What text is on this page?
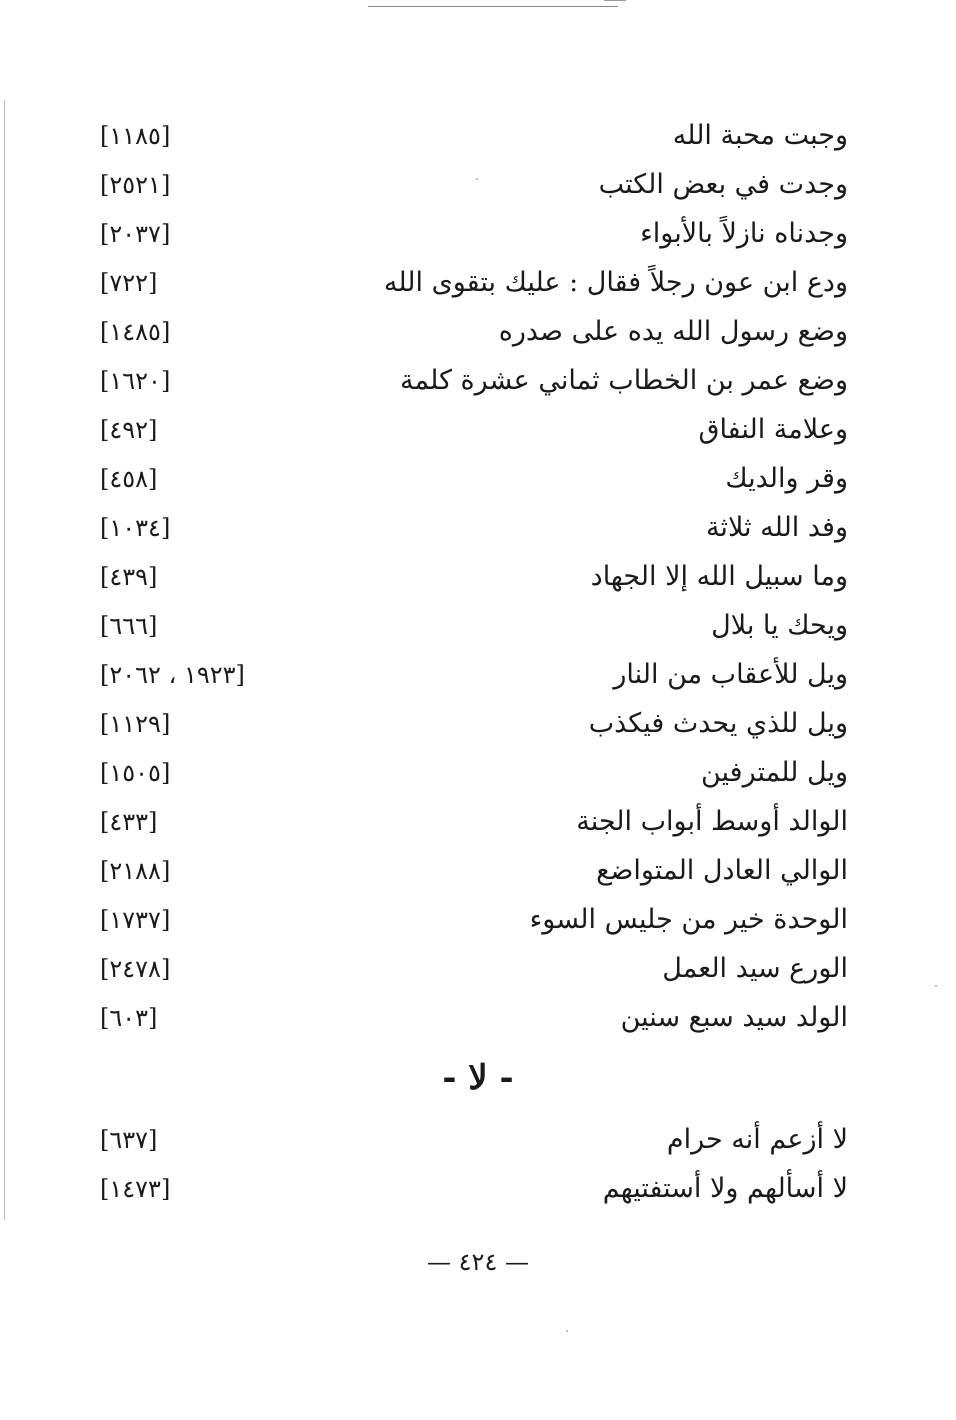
وجبت محبة الله
[١١٨٥]
وجدت في بعض الكتب
[٢٥٢١]
وجدناه نازلاً بالأبواء
[٢٠٣٧]
ودع ابن عون رجلاً فقال : عليك بتقوى الله
[٧٢٢]
وضع رسول الله يده على صدره
[١٤٨٥]
وضع عمر بن الخطاب ثماني عشرة كلمة
[١٦٢٠]
وعلامة النفاق
[٤٩٢]
وقر والديك
[٤٥٨]
وفد الله ثلاثة
[١٠٣٤]
وما سبيل الله إلا الجهاد
[٤٣٩]
ويحك يا بلال
[٦٦٦]
ويل للأعقاب من النار
[١٩٢٣ ، ٢٠٦٢]
ويل للذي يحدث فيكذب
[١١٢٩]
ويل للمترفين
[١٥٠٥]
الوالد أوسط أبواب الجنة
[٤٣٣]
الوالي العادل المتواضع
[٢١٨٨]
الوحدة خير من جليس السوء
[١٧٣٧]
الورع سيد العمل
[٢٤٧٨]
الولد سيد سبع سنين
[٦٠٣]
- لا -
لا أزعم أنه حرام
[٦٣٧]
لا أسألهم ولا أستفتيهم
[١٤٧٣]
— ٤٢٤ —
